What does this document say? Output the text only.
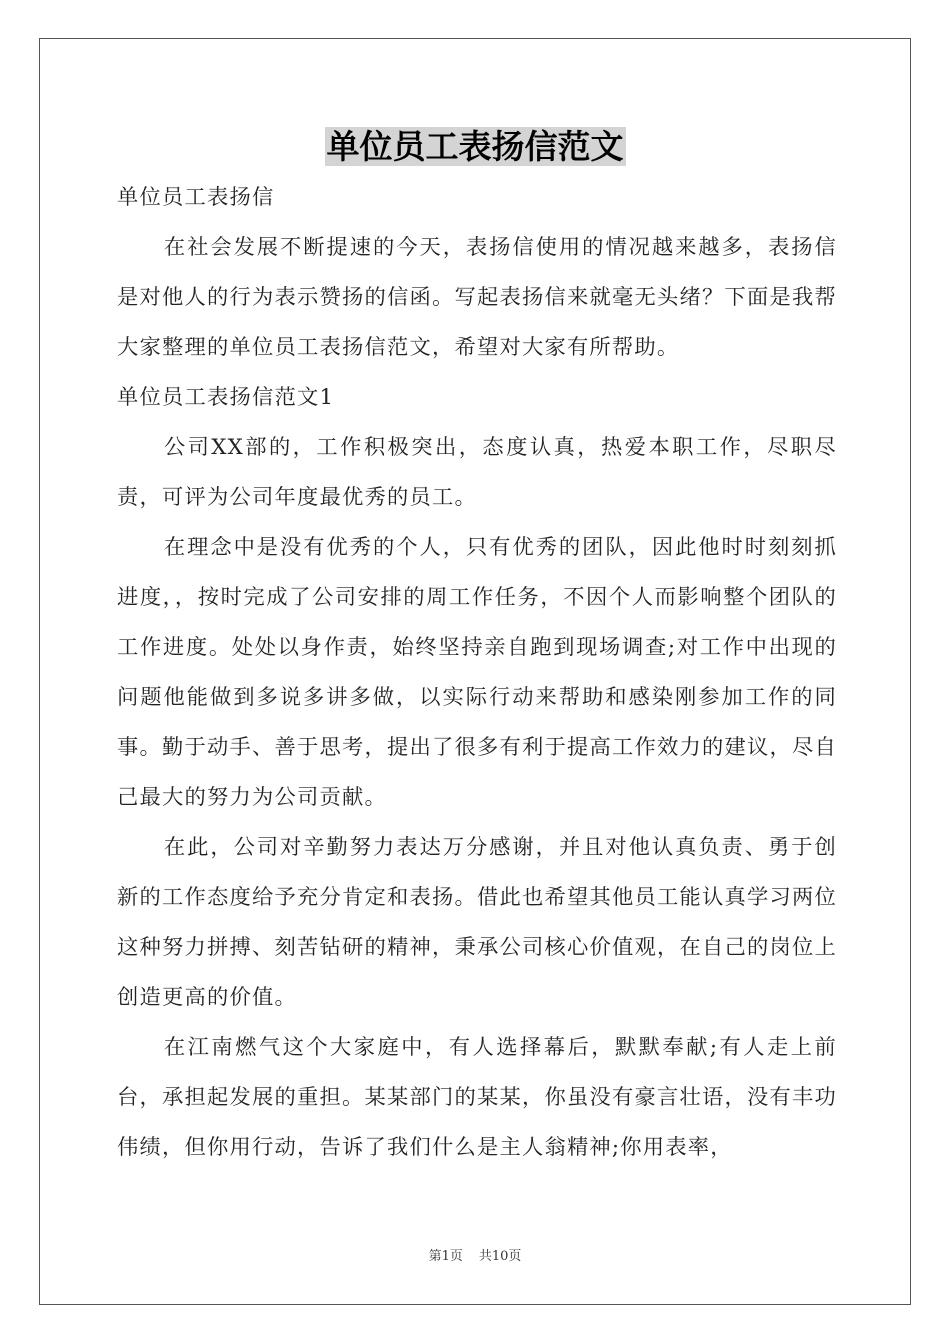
单位员工表扬信范文

单位员工表扬信

在社会发展不断提速的今天，表扬信使用的情况越来越多，表扬信是对他人的行为表示赞扬的信函。写起表扬信来就毫无头绪？下面是我帮大家整理的单位员工表扬信范文，希望对大家有所帮助。

单位员工表扬信范文1

公司XX部的，工作积极突出，态度认真，热爱本职工作，尽职尽责，可评为公司年度最优秀的员工。

在理念中是没有优秀的个人，只有优秀的团队，因此他时时刻刻抓进度，，按时完成了公司安排的周工作任务，不因个人而影响整个团队的工作进度。处处以身作责，始终坚持亲自跑到现场调查;对工作中出现的问题他能做到多说多讲多做，以实际行动来帮助和感染刚参加工作的同事。勤于动手、善于思考，提出了很多有利于提高工作效力的建议，尽自己最大的努力为公司贡献。

在此，公司对辛勤努力表达万分感谢，并且对他认真负责、勇于创新的工作态度给予充分肯定和表扬。借此也希望其他员工能认真学习两位这种努力拼搏、刻苦钻研的精神，秉承公司核心价值观，在自己的岗位上创造更高的价值。

在江南燃气这个大家庭中，有人选择幕后，默默奉献;有人走上前台，承担起发展的重担。某某部门的某某，你虽没有豪言壮语，没有丰功伟绩，但你用行动，告诉了我们什么是主人翁精神;你用表率，

第1页 共10页
